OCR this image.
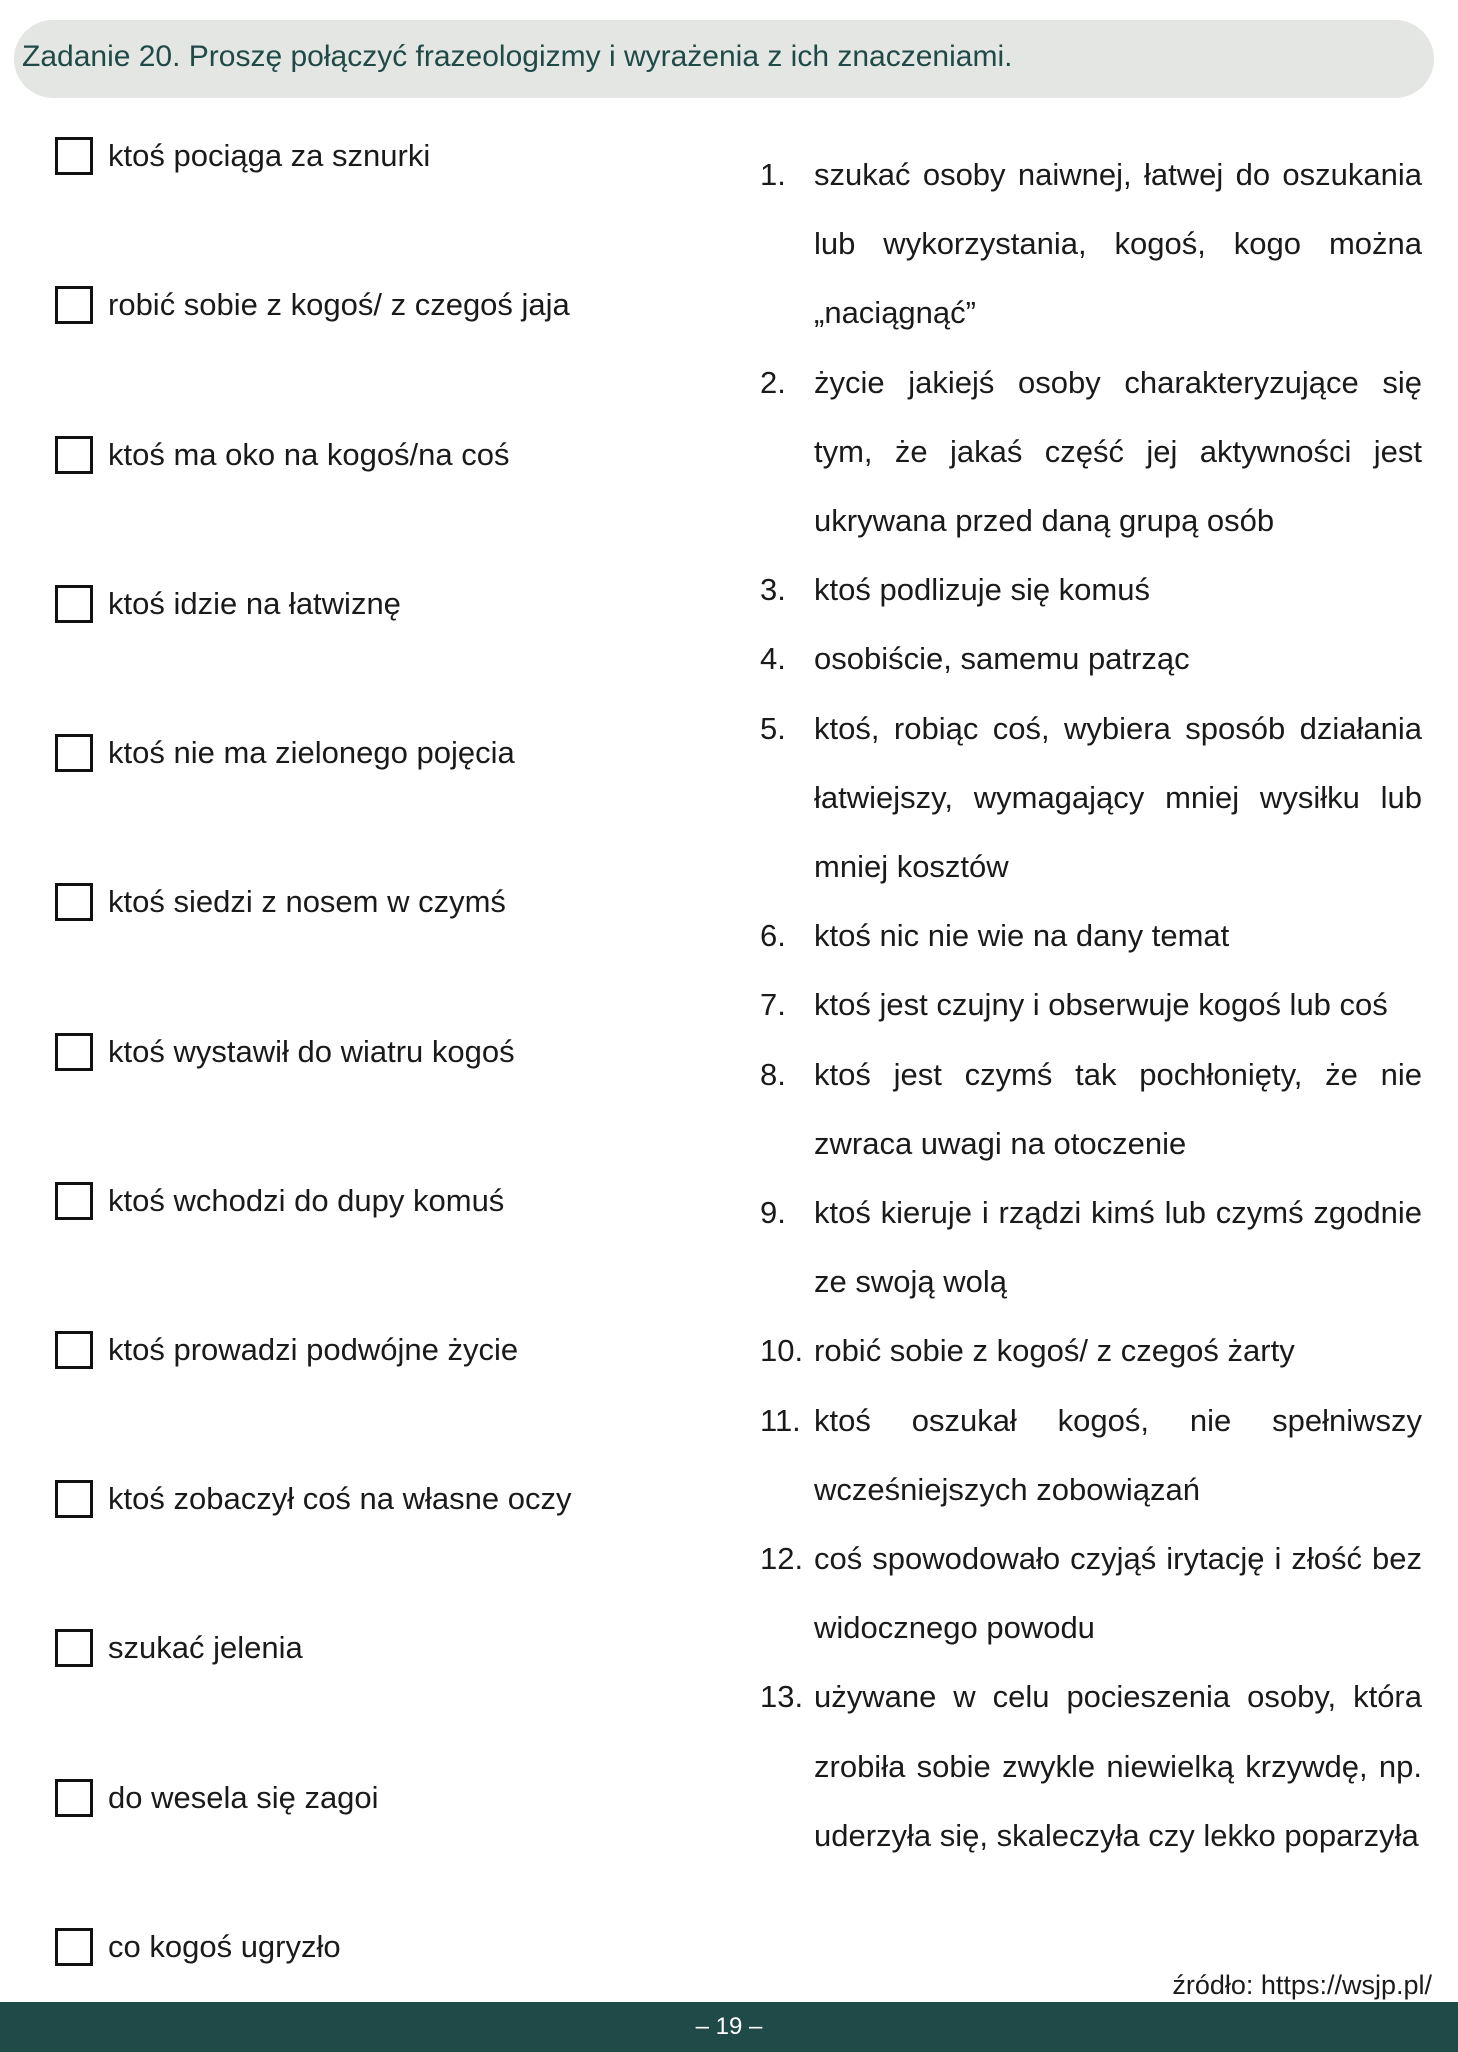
Zadanie 20. Proszę połączyć frazeologizmy i wyrażenia z ich znaczeniami.
ktoś pociąga za sznurki
robić sobie z kogoś/ z czegoś jaja
ktoś ma oko na kogoś/na coś
ktoś idzie na łatwiznę
ktoś nie ma zielonego pojęcia
ktoś siedzi z nosem w czymś
ktoś wystawił do wiatru kogoś
ktoś wchodzi do dupy komuś
ktoś prowadzi podwójne życie
ktoś zobaczył coś na własne oczy
szukać jelenia
do wesela się zagoi
co kogoś ugryzło
1. szukać osoby naiwnej, łatwej do oszukania lub wykorzystania, kogoś, kogo można „naciągnąć”
2. życie jakiejś osoby charakteryzujące się tym, że jakaś część jej aktywności jest ukrywana przed daną grupą osób
3. ktoś podlizuje się komuś
4. osobiście, samemu patrząc
5. ktoś, robiąc coś, wybiera sposób działania łatwiejszy, wymagający mniej wysiłku lub mniej kosztów
6. ktoś nic nie wie na dany temat
7. ktoś jest czujny i obserwuje kogoś lub coś
8. ktoś jest czymś tak pochłonięty, że nie zwraca uwagi na otoczenie
9. ktoś kieruje i rządzi kimś lub czymś zgodnie ze swoją wolą
10. robić sobie z kogoś/ z czegoś żarty
11. ktoś oszukał kogoś, nie spełniwszy wcześniejszych zobowiązań
12. coś spowodowało czyjąś irytację i złość bez widocznego powodu
13. używane w celu pocieszenia osoby, która zrobiła sobie zwykle niewielką krzywdę, np. uderzyła się, skaleczyła czy lekko poparzyła
źródło: https://wsjp.pl/
– 19 –
